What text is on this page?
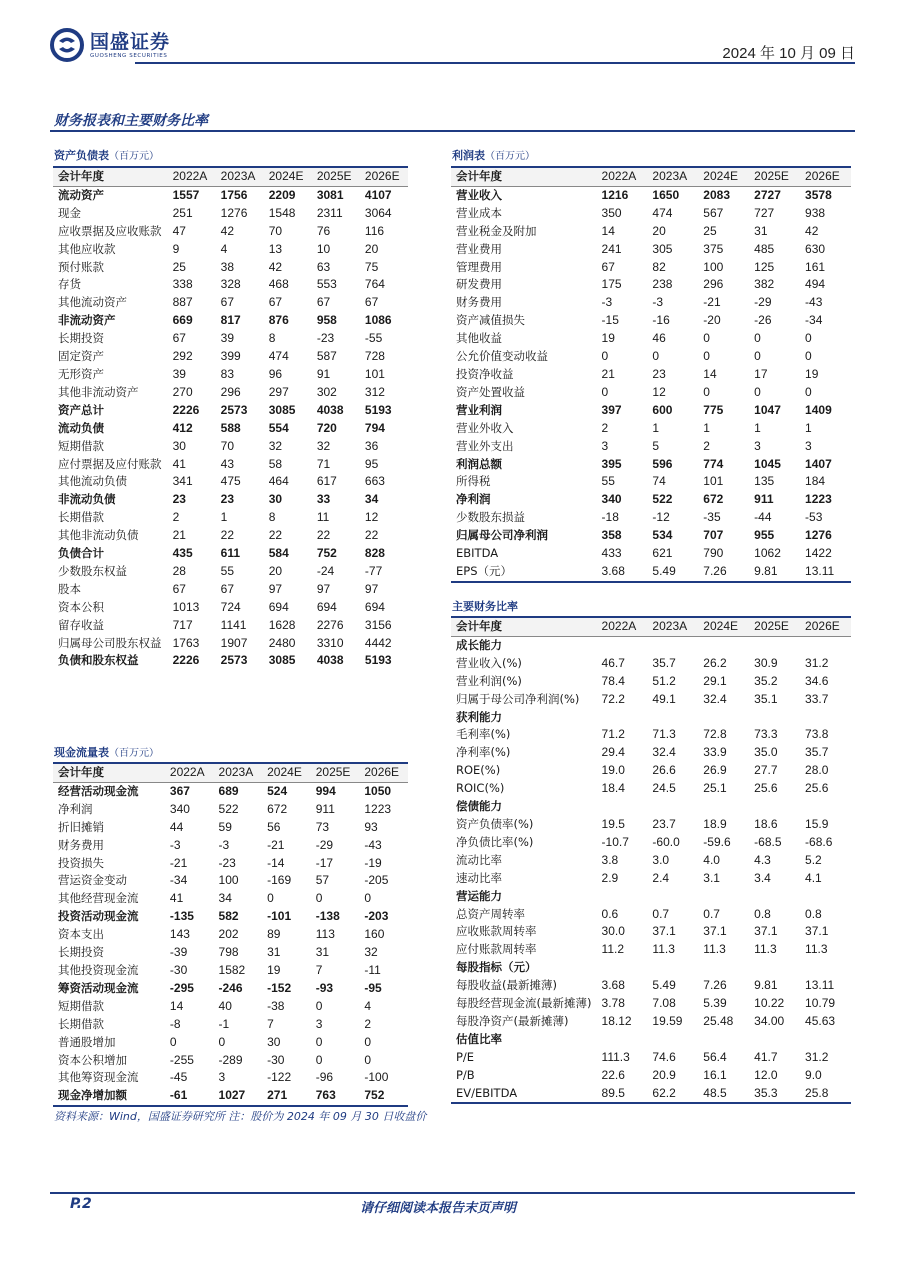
国盛证券
GUOSHENG SECURITIES	2024 年 10 月 09 日
财务报表和主要财务比率
资产负债表（百万元）
会计年度	2022A	2023A	2024E	2025E	2026E
流动资产	1557	1756	2209	3081	4107
现金	251	1276	1548	2311	3064
应收票据及应收账款	47	42	70	76	116
其他应收款	9	4	13	10	20
预付账款	25	38	42	63	75
存货	338	328	468	553	764
其他流动资产	887	67	67	67	67
非流动资产	669	817	876	958	1086
长期投资	67	39	8	-23	-55
固定资产	292	399	474	587	728
无形资产	39	83	96	91	101
其他非流动资产	270	296	297	302	312
资产总计	2226	2573	3085	4038	5193
流动负债	412	588	554	720	794
短期借款	30	70	32	32	36
应付票据及应付账款	41	43	58	71	95
其他流动负债	341	475	464	617	663
非流动负债	23	23	30	33	34
长期借款	2	1	8	11	12
其他非流动负债	21	22	22	22	22
负债合计	435	611	584	752	828
少数股东权益	28	55	20	-24	-77
股本	67	67	97	97	97
资本公积	1013	724	694	694	694
留存收益	717	1141	1628	2276	3156
归属母公司股东权益	1763	1907	2480	3310	4442
负债和股东权益	2226	2573	3085	4038	5193
利润表（百万元）
会计年度	2022A	2023A	2024E	2025E	2026E
营业收入	1216	1650	2083	2727	3578
营业成本	350	474	567	727	938
营业税金及附加	14	20	25	31	42
营业费用	241	305	375	485	630
管理费用	67	82	100	125	161
研发费用	175	238	296	382	494
财务费用	-3	-3	-21	-29	-43
资产减值损失	-15	-16	-20	-26	-34
其他收益	19	46	0	0	0
公允价值变动收益	0	0	0	0	0
投资净收益	21	23	14	17	19
资产处置收益	0	12	0	0	0
营业利润	397	600	775	1047	1409
营业外收入	2	1	1	1	1
营业外支出	3	5	2	3	3
利润总额	395	596	774	1045	1407
所得税	55	74	101	135	184
净利润	340	522	672	911	1223
少数股东损益	-18	-12	-35	-44	-53
归属母公司净利润	358	534	707	955	1276
EBITDA	433	621	790	1062	1422
EPS（元）	3.68	5.49	7.26	9.81	13.11
主要财务比率
会计年度	2022A	2023A	2024E	2025E	2026E
成长能力					
营业收入(%)	46.7	35.7	26.2	30.9	31.2
营业利润(%)	78.4	51.2	29.1	35.2	34.6
归属于母公司净利润(%)	72.2	49.1	32.4	35.1	33.7
获利能力					
毛利率(%)	71.2	71.3	72.8	73.3	73.8
净利率(%)	29.4	32.4	33.9	35.0	35.7
ROE(%)	19.0	26.6	26.9	27.7	28.0
ROIC(%)	18.4	24.5	25.1	25.6	25.6
偿债能力					
资产负债率(%)	19.5	23.7	18.9	18.6	15.9
净负债比率(%)	-10.7	-60.0	-59.6	-68.5	-68.6
流动比率	3.8	3.0	4.0	4.3	5.2
速动比率	2.9	2.4	3.1	3.4	4.1
营运能力					
总资产周转率	0.6	0.7	0.7	0.8	0.8
应收账款周转率	30.0	37.1	37.1	37.1	37.1
应付账款周转率	11.2	11.3	11.3	11.3	11.3
每股指标（元）					
每股收益(最新摊薄)	3.68	5.49	7.26	9.81	13.11
每股经营现金流(最新摊薄)	3.78	7.08	5.39	10.22	10.79
每股净资产(最新摊薄)	18.12	19.59	25.48	34.00	45.63
估值比率					
P/E	111.3	74.6	56.4	41.7	31.2
P/B	22.6	20.9	16.1	12.0	9.0
EV/EBITDA	89.5	62.2	48.5	35.3	25.8
现金流量表（百万元）
会计年度	2022A	2023A	2024E	2025E	2026E
经营活动现金流	367	689	524	994	1050
净利润	340	522	672	911	1223
折旧摊销	44	59	56	73	93
财务费用	-3	-3	-21	-29	-43
投资损失	-21	-23	-14	-17	-19
营运资金变动	-34	100	-169	57	-205
其他经营现金流	41	34	0	0	0
投资活动现金流	-135	582	-101	-138	-203
资本支出	143	202	89	113	160
长期投资	-39	798	31	31	32
其他投资现金流	-30	1582	19	7	-11
筹资活动现金流	-295	-246	-152	-93	-95
短期借款	14	40	-38	0	4
长期借款	-8	-1	7	3	2
普通股增加	0	0	30	0	0
资本公积增加	-255	-289	-30	0	0
其他筹资现金流	-45	3	-122	-96	-100
现金净增加额	-61	1027	271	763	752
资料来源：Wind，国盛证券研究所 注：股价为 2024 年 09 月 30 日收盘价
P.2	请仔细阅读本报告末页声明
